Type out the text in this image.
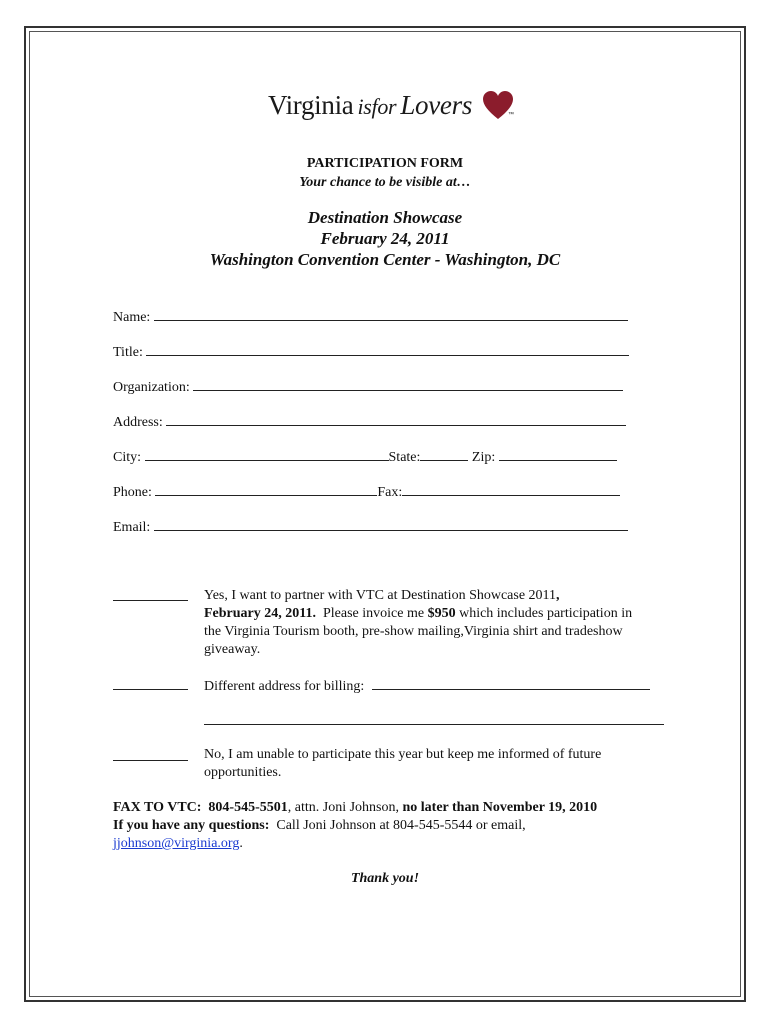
Virginia isfor Lovers	™
PARTICIPATION FORM
Your chance to be visible at…
Destination Showcase
February 24, 2011
Washington Convention Center - Washington, DC
Name:
Title:
Organization:
Address:
City:	State:	Zip:
Phone:	Fax:
Email:
Yes, I want to partner with VTC at Destination Showcase 2011,
February 24, 2011.  Please invoice me $950 which includes participation in
the Virginia Tourism booth, pre-show mailing,Virginia shirt and tradeshow
giveaway.
Different address for billing:
No, I am unable to participate this year but keep me informed of future
opportunities.
FAX TO VTC:  804-545-5501, attn. Joni Johnson, no later than November 19, 2010
If you have any questions:  Call Joni Johnson at 804-545-5544 or email,
jjohnson@virginia.org.
Thank you!
